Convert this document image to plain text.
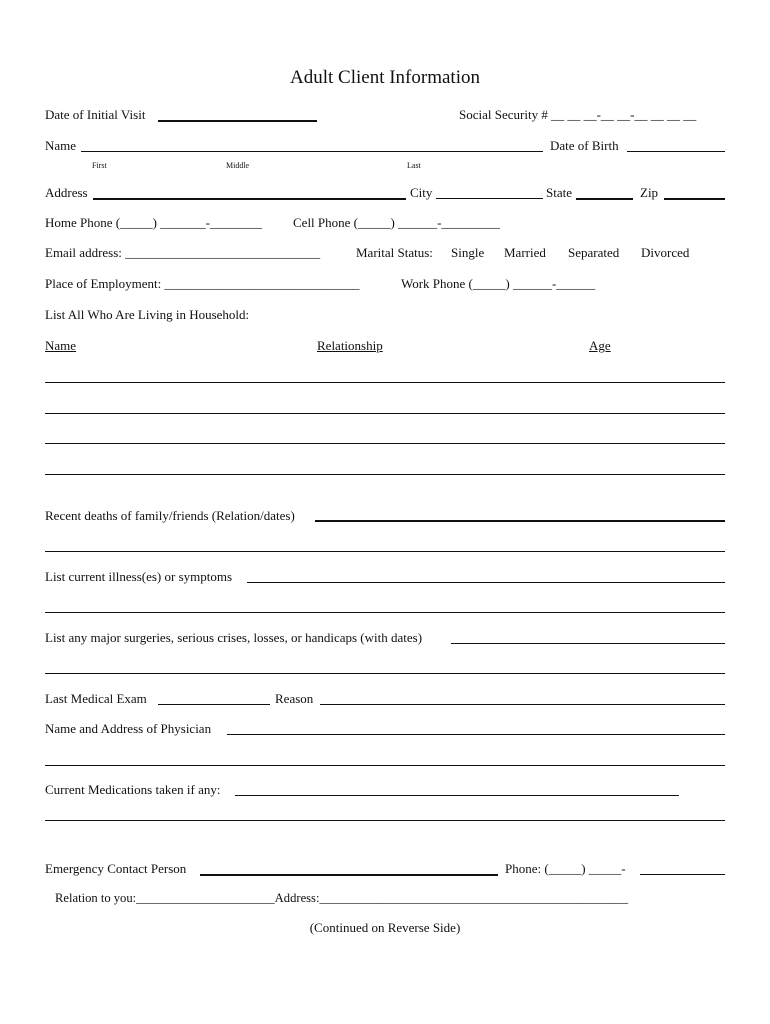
Adult Client Information
Date of Initial Visit	Social Security # __ __ __-__ __-__ __ __ __
Name	Date of Birth
First	Middle	Last
Address	City	State	Zip
Home Phone (_____) _______-________ Cell Phone (_____) ______-_________
Email address: ______________________________	Marital Status: Single Married Separated Divorced
Place of Employment: ______________________________	Work Phone (_____) ______-______
List All Who Are Living in Household:
Name	Relationship	Age
Recent deaths of family/friends (Relation/dates)
List current illness(es) or symptoms
List any major surgeries, serious crises, losses, or handicaps (with dates)
Last Medical Exam	Reason
Name and Address of Physician
Current Medications taken if any:
Emergency Contact Person	Phone: (_____) _____-
Relation to you:______________________Address:_________________________________________________
(Continued on Reverse Side)
